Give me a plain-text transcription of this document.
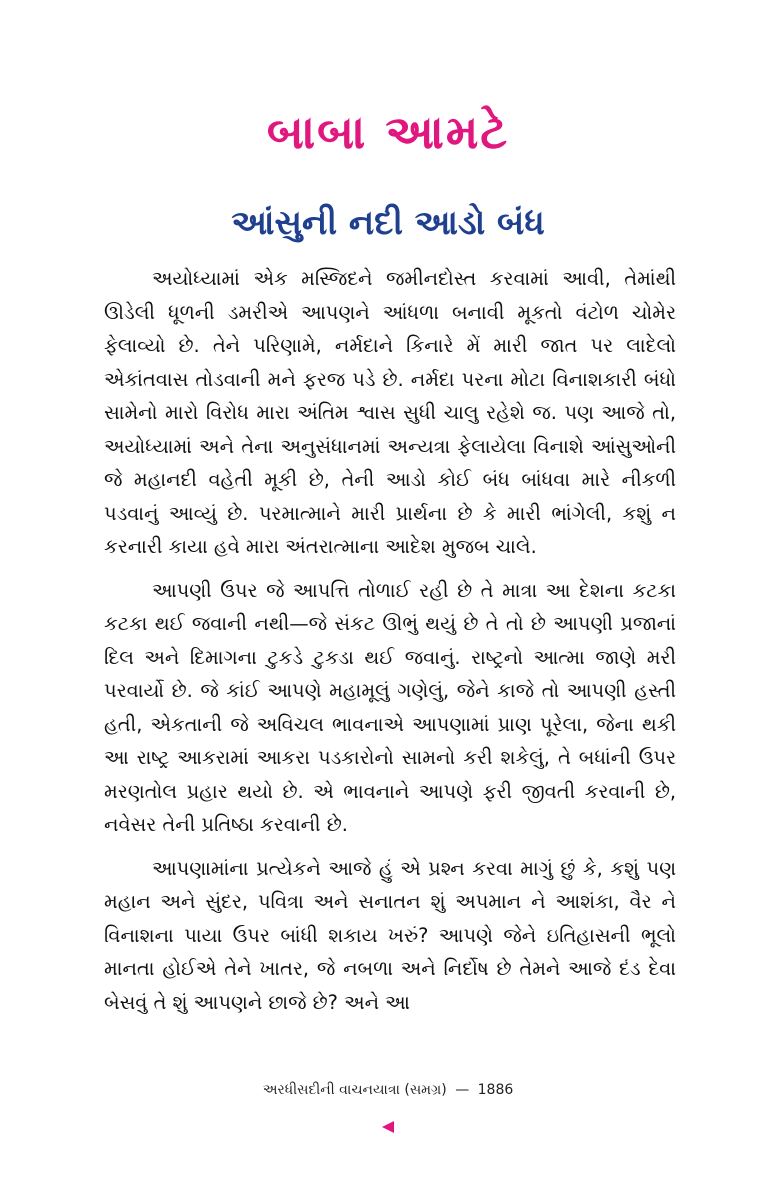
બાબા આમટે
આંસુની નદી આડો બંધ

અયોધ્યામાં એક મસ્જિદને જમીનદોસ્ત કરવામાં આવી, તેમાંથી ઊડેલી ધૂળની ડમરીએ આપણને આંધળા બનાવી મૂકતો વંટોળ ચોમેર ફેલાવ્યો છે. તેને પરિણામે, નર્મદાને કિનારે મેં મારી જાત પર લાદેલો એકાંતવાસ તોડવાની મને ફરજ પડે છે. નર્મદા પરના મોટા વિનાશકારી બંધો સામેનો મારો વિરોધ મારા અંતિમ શ્વાસ સુધી ચાલુ રહેશે જ. પણ આજે તો, અયોધ્યામાં અને તેના અનુસંધાનમાં અન્યત્રા ફેલાયેલા વિનાશે આંસુઓની જે મહાનદી વહેતી મૂકી છે, તેની આડો કોઈ બંધ બાંધવા મારે નીકળી પડવાનું આવ્યું છે. પરમાત્માને મારી પ્રાર્થના છે કે મારી ભાંગેલી, કશું ન કરનારી કાયા હવે મારા અંતરાત્માના આદેશ મુજબ ચાલે.

આપણી ઉપર જે આપત્તિ તોળાઈ રહી છે તે માત્રા આ દેશના કટકા કટકા થઈ જવાની નથી—જે સંકટ ઊભું થયું છે તે તો છે આપણી પ્રજાનાં દિલ અને દિમાગના ટુકડે ટુકડા થઈ જવાનું. રાષ્ટ્રનો આત્મા જાણે મરી પરવાર્યો છે. જે કાંઈ આપણે મહામૂલું ગણેલું, જેને કાજે તો આપણી હસ્તી હતી, એકતાની જે અવિચલ ભાવનાએ આપણામાં પ્રાણ પૂરેલા, જેના થકી આ રાષ્ટ્ર આકરામાં આકરા પડકારોનો સામનો કરી શકેલું, તે બધાંની ઉપર મરણતોલ પ્રહાર થયો છે. એ ભાવનાને આપણે ફરી જીવતી કરવાની છે, નવેસર તેની પ્રતિષ્ઠા કરવાની છે.

આપણામાંના પ્રત્યેકને આજે હું એ પ્રશ્ન કરવા માગું છું કે, કશું પણ મહાન અને સુંદર, પવિત્રા અને સનાતન શું અપમાન ને આશંકા, વૈર ને વિનાશના પાયા ઉપર બાંધી શકાય ખરું? આપણે જેને ઇતિહાસની ભૂલો માનતા હોઈએ તેને ખાતર, જે નબળા અને નિર્દોષ છે તેમને આજે દંડ દેવા બેસવું તે શું આપણને છાજે છે? અને આ

અરધીસદીની વાચનયાત્રા (સમગ્ર) — 1886
